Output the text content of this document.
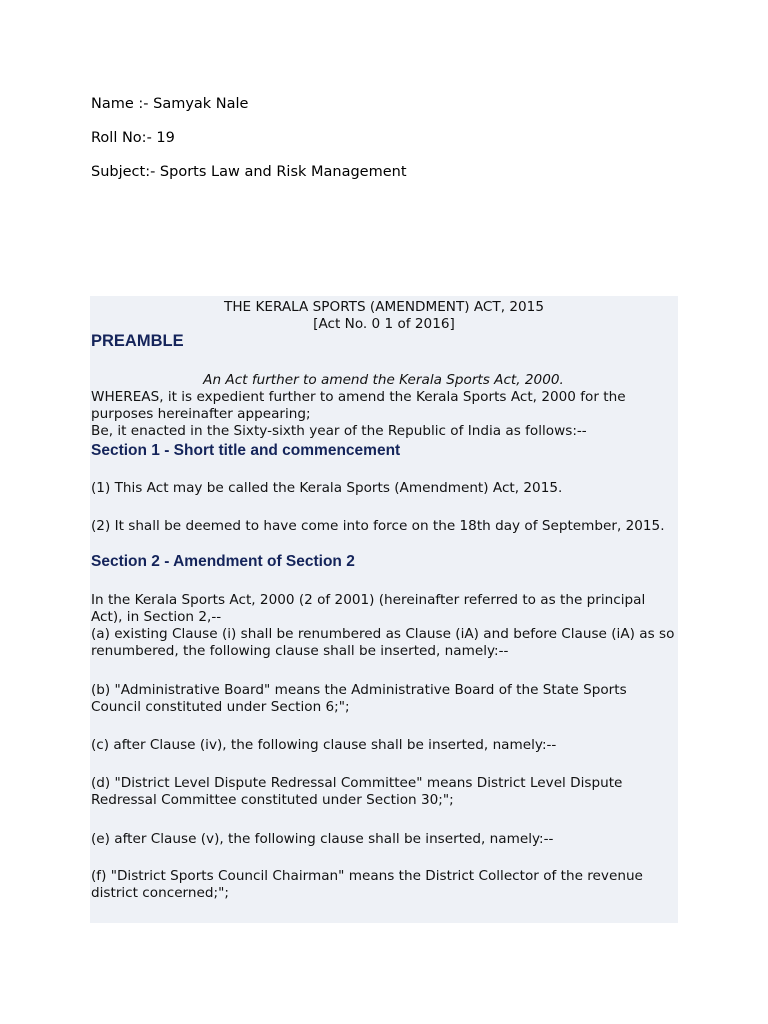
Name :- Samyak Nale
Roll No:- 19
Subject:- Sports Law and Risk Management
THE KERALA SPORTS (AMENDMENT) ACT, 2015
[Act No. 0 1 of 2016]
PREAMBLE
An Act further to amend the Kerala Sports Act, 2000.
WHEREAS, it is expedient further to amend the Kerala Sports Act, 2000 for the purposes hereinafter appearing;
Be, it enacted in the Sixty-sixth year of the Republic of India as follows:--
Section 1 - Short title and commencement
(1) This Act may be called the Kerala Sports (Amendment) Act, 2015.
(2) It shall be deemed to have come into force on the 18th day of September, 2015.
Section 2 - Amendment of Section 2
In the Kerala Sports Act, 2000 (2 of 2001) (hereinafter referred to as the principal Act), in Section 2,--
(a) existing Clause (i) shall be renumbered as Clause (iA) and before Clause (iA) as so renumbered, the following clause shall be inserted, namely:--
(b) "Administrative Board" means the Administrative Board of the State Sports Council constituted under Section 6;";
(c) after Clause (iv), the following clause shall be inserted, namely:--
(d) "District Level Dispute Redressal Committee" means District Level Dispute Redressal Committee constituted under Section 30;";
(e) after Clause (v), the following clause shall be inserted, namely:--
(f) "District Sports Council Chairman" means the District Collector of the revenue district concerned;";
